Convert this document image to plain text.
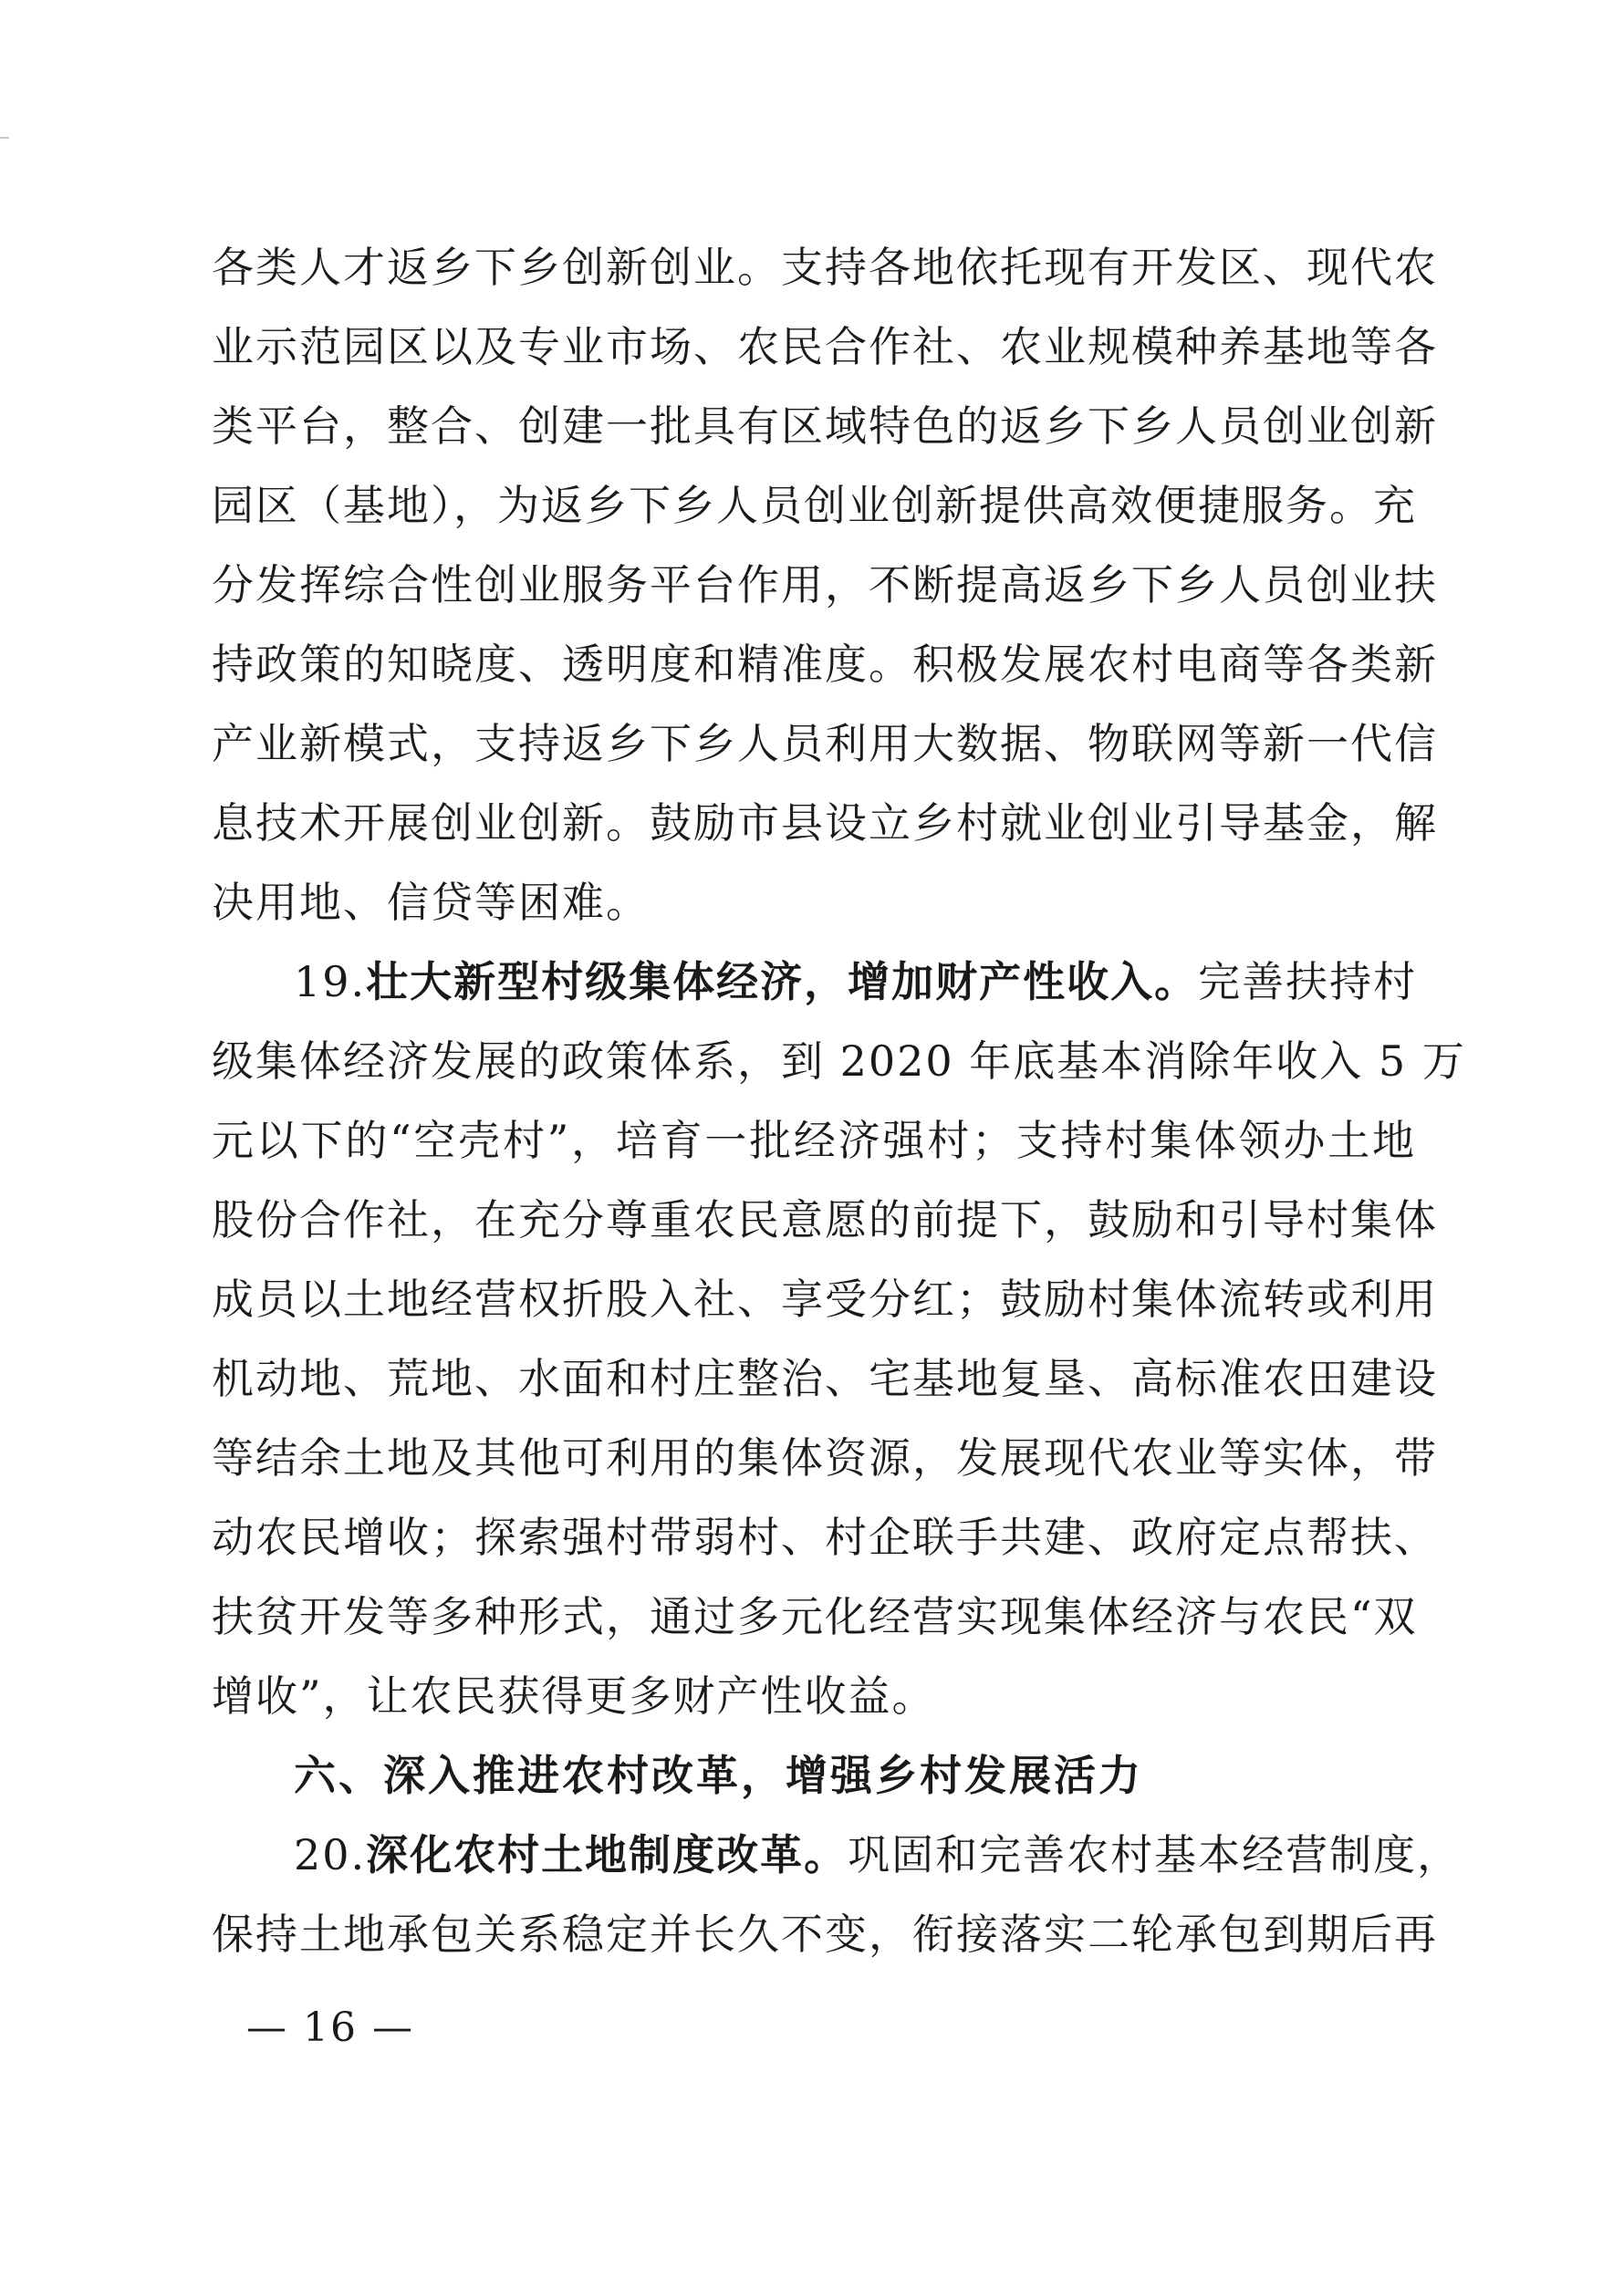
各类人才返乡下乡创新创业。支持各地依托现有开发区、现代农
业示范园区以及专业市场、农民合作社、农业规模种养基地等各
类平台，整合、创建一批具有区域特色的返乡下乡人员创业创新
园区（基地），为返乡下乡人员创业创新提供高效便捷服务。充
分发挥综合性创业服务平台作用，不断提高返乡下乡人员创业扶
持政策的知晓度、透明度和精准度。积极发展农村电商等各类新
产业新模式，支持返乡下乡人员利用大数据、物联网等新一代信
息技术开展创业创新。鼓励市县设立乡村就业创业引导基金，解
决用地、信贷等困难。
19.壮大新型村级集体经济，增加财产性收入。完善扶持村
级集体经济发展的政策体系，到 2020 年底基本消除年收入 5 万
元以下的“空壳村”，培育一批经济强村；支持村集体领办土地
股份合作社，在充分尊重农民意愿的前提下，鼓励和引导村集体
成员以土地经营权折股入社、享受分红；鼓励村集体流转或利用
机动地、荒地、水面和村庄整治、宅基地复垦、高标准农田建设
等结余土地及其他可利用的集体资源，发展现代农业等实体，带
动农民增收；探索强村带弱村、村企联手共建、政府定点帮扶、
扶贫开发等多种形式，通过多元化经营实现集体经济与农民“双
增收”，让农民获得更多财产性收益。
六、深入推进农村改革，增强乡村发展活力
20.深化农村土地制度改革。巩固和完善农村基本经营制度，
保持土地承包关系稳定并长久不变，衔接落实二轮承包到期后再
— 16 —
